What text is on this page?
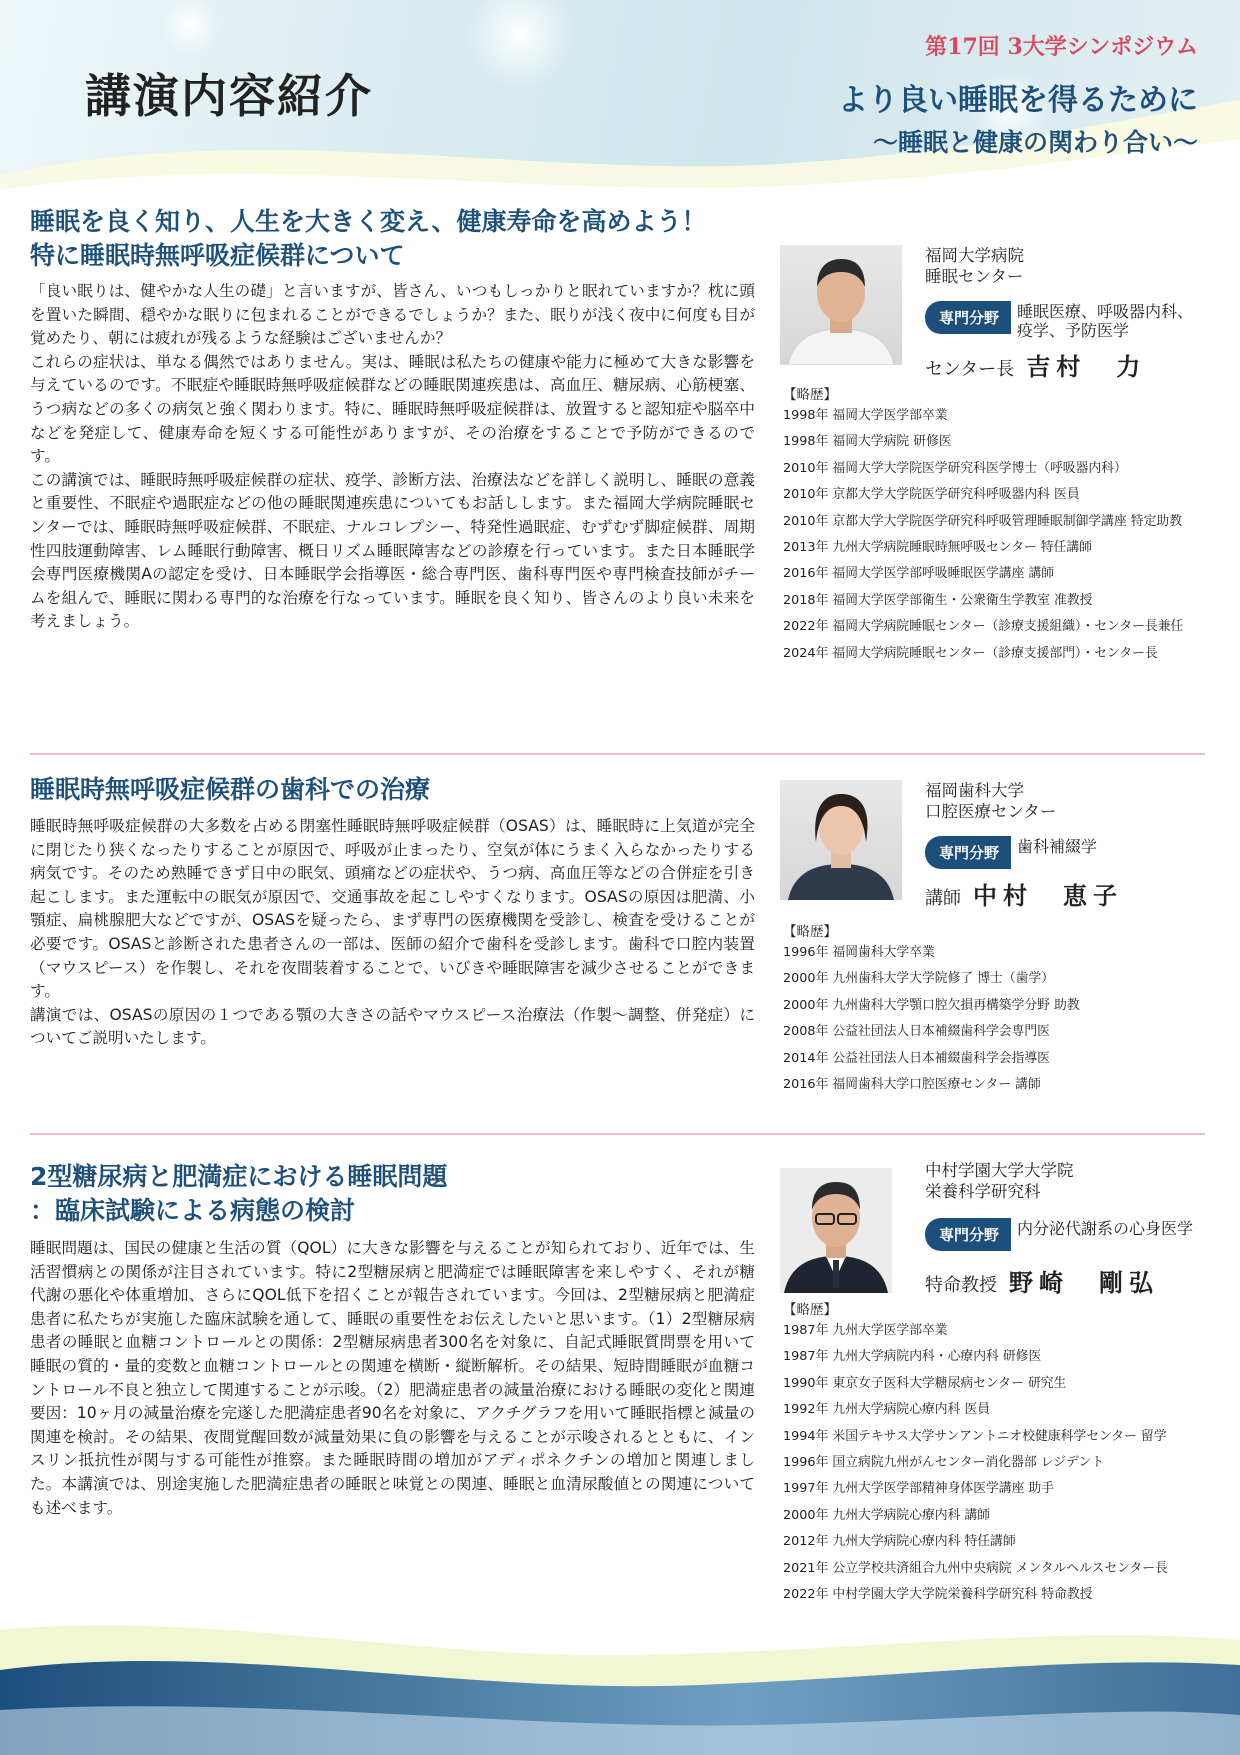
講演内容紹介
第17回 3大学シンポジウム
より良い睡眠を得るために
～睡眠と健康の関わり合い～
睡眠を良く知り、人生を大きく変え、健康寿命を高めよう！
特に睡眠時無呼吸症候群について

「良い眠りは、健やかな人生の礎」と言いますが、皆さん、いつもしっかりと眠れていますか？枕に頭を置いた瞬間、穏やかな眠りに包まれることができるでしょうか？また、眠りが浅く夜中に何度も目が覚めたり、朝には疲れが残るような経験はございませんか？

これらの症状は、単なる偶然ではありません。実は、睡眠は私たちの健康や能力に極めて大きな影響を与えているのです。不眠症や睡眠時無呼吸症候群などの睡眠関連疾患は、高血圧、糖尿病、心筋梗塞、うつ病などの多くの病気と強く関わります。特に、睡眠時無呼吸症候群は、放置すると認知症や脳卒中などを発症して、健康寿命を短くする可能性がありますが、その治療をすることで予防ができるのです。

この講演では、睡眠時無呼吸症候群の症状、疫学、診断方法、治療法などを詳しく説明し、睡眠の意義と重要性、不眠症や過眠症などの他の睡眠関連疾患についてもお話しします。また福岡大学病院睡眠センターでは、睡眠時無呼吸症候群、不眠症、ナルコレプシー、特発性過眠症、むずむず脚症候群、周期性四肢運動障害、レム睡眠行動障害、概日リズム睡眠障害などの診療を行っています。また日本睡眠学会専門医療機関Aの認定を受け、日本睡眠学会指導医・総合専門医、歯科専門医や専門検査技師がチームを組んで、睡眠に関わる専門的な治療を行なっています。睡眠を良く知り、皆さんのより良い未来を考えましょう。

福岡大学病院
睡眠センター
専門分野	睡眠医療、呼吸器内科、
疫学、予防医学
センター長 吉村　力
【略歴】
1998年 福岡大学医学部卒業
1998年 福岡大学病院 研修医
2010年 福岡大学大学院医学研究科医学博士（呼吸器内科）
2010年 京都大学大学院医学研究科呼吸器内科 医員
2010年 京都大学大学院医学研究科呼吸管理睡眠制御学講座 特定助教
2013年 九州大学病院睡眠時無呼吸センター 特任講師
2016年 福岡大学医学部呼吸睡眠医学講座 講師
2018年 福岡大学医学部衛生・公衆衛生学教室 准教授
2022年 福岡大学病院睡眠センター（診療支援組織）・センター長兼任
2024年 福岡大学病院睡眠センター（診療支援部門）・センター長
睡眠時無呼吸症候群の歯科での治療

睡眠時無呼吸症候群の大多数を占める閉塞性睡眠時無呼吸症候群（OSAS）は、睡眠時に上気道が完全に閉じたり狭くなったりすることが原因で、呼吸が止まったり、空気が体にうまく入らなかったりする病気です。そのため熟睡できず日中の眠気、頭痛などの症状や、うつ病、高血圧等などの合併症を引き起こします。また運転中の眠気が原因で、交通事故を起こしやすくなります。OSASの原因は肥満、小顎症、扁桃腺肥大などですが、OSASを疑ったら、まず専門の医療機関を受診し、検査を受けることが必要です。OSASと診断された患者さんの一部は、医師の紹介で歯科を受診します。歯科で口腔内装置（マウスピース）を作製し、それを夜間装着することで、いびきや睡眠障害を減少させることができます。

講演では、OSASの原因の１つである顎の大きさの話やマウスピース治療法（作製～調整、併発症）についてご説明いたします。

福岡歯科大学
口腔医療センター
専門分野	歯科補綴学
講師 中村　恵子
【略歴】
1996年 福岡歯科大学卒業
2000年 九州歯科大学大学院修了 博士（歯学）
2000年 九州歯科大学顎口腔欠損再構築学分野 助教
2008年 公益社団法人日本補綴歯科学会専門医
2014年 公益社団法人日本補綴歯科学会指導医
2016年 福岡歯科大学口腔医療センター 講師
2型糖尿病と肥満症における睡眠問題
：臨床試験による病態の検討

睡眠問題は、国民の健康と生活の質（QOL）に大きな影響を与えることが知られており、近年では、生活習慣病との関係が注目されています。特に2型糖尿病と肥満症では睡眠障害を来しやすく、それが糖代謝の悪化や体重増加、さらにQOL低下を招くことが報告されています。今回は、2型糖尿病と肥満症患者に私たちが実施した臨床試験を通して、睡眠の重要性をお伝えしたいと思います。（1）2型糖尿病患者の睡眠と血糖コントロールとの関係：2型糖尿病患者300名を対象に、自記式睡眠質問票を用いて睡眠の質的・量的変数と血糖コントロールとの関連を横断・縦断解析。その結果、短時間睡眠が血糖コントロール不良と独立して関連することが示唆。（2）肥満症患者の減量治療における睡眠の変化と関連要因：10ヶ月の減量治療を完遂した肥満症患者90名を対象に、アクチグラフを用いて睡眠指標と減量の関連を検討。その結果、夜間覚醒回数が減量効果に負の影響を与えることが示唆されるとともに、インスリン抵抗性が関与する可能性が推察。また睡眠時間の増加がアディポネクチンの増加と関連しました。本講演では、別途実施した肥満症患者の睡眠と味覚との関連、睡眠と血清尿酸値との関連についても述べます。

中村学園大学大学院
栄養科学研究科
専門分野	内分泌代謝系の心身医学
特命教授 野崎　剛弘
【略歴】
1987年 九州大学医学部卒業
1987年 九州大学病院内科・心療内科 研修医
1990年 東京女子医科大学糖尿病センター 研究生
1992年 九州大学病院心療内科 医員
1994年 米国テキサス大学サンアントニオ校健康科学センター 留学
1996年 国立病院九州がんセンター消化器部 レジデント
1997年 九州大学医学部精神身体医学講座 助手
2000年 九州大学病院心療内科 講師
2012年 九州大学病院心療内科 特任講師
2021年 公立学校共済組合九州中央病院 メンタルヘルスセンター長
2022年 中村学園大学大学院栄養科学研究科 特命教授
